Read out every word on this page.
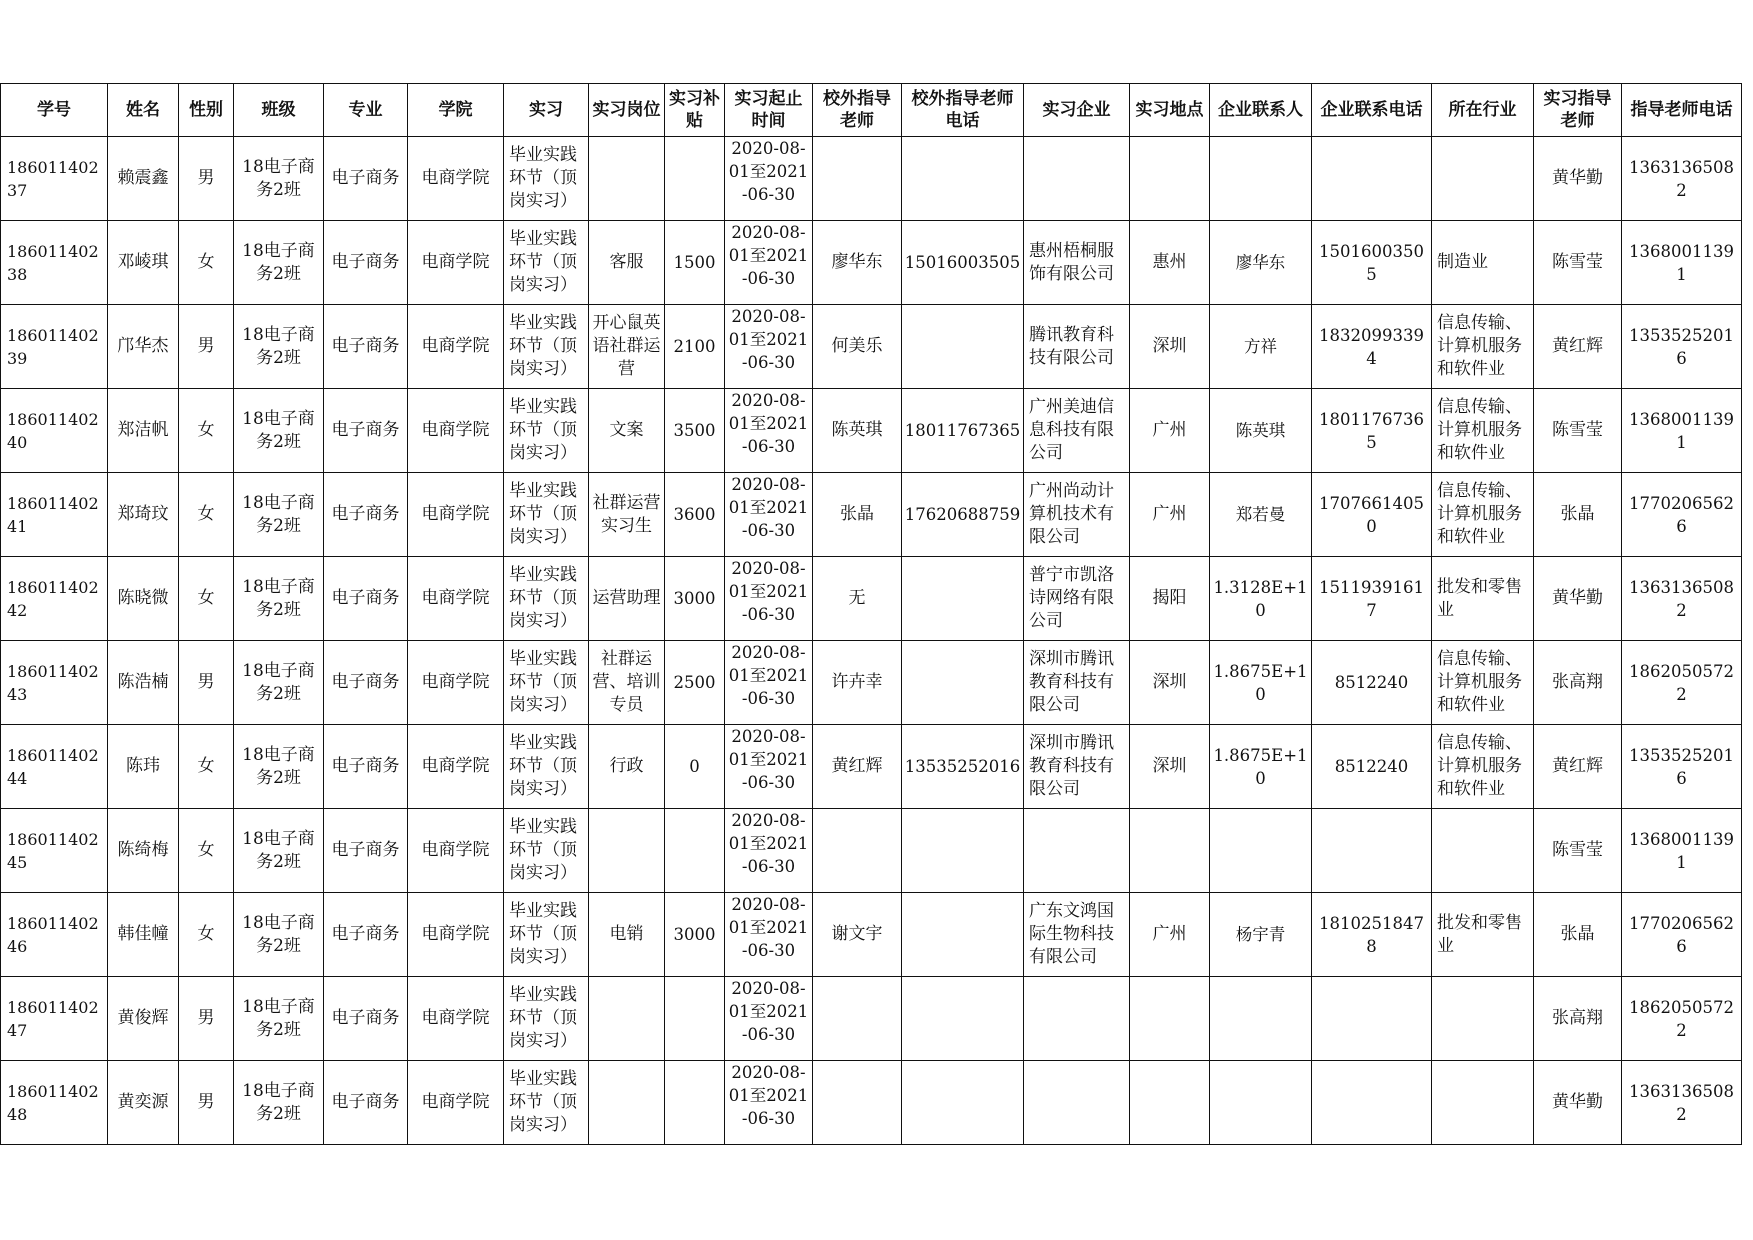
学号	姓名	性别	班级	专业	学院	实习	实习岗位	实习补贴	实习起止时间	校外指导老师	校外指导老师电话	实习企业	实习地点	企业联系人	企业联系电话	所在行业	实习指导老师	指导老师电话
18601140237	赖震鑫	男	18电子商务2班	电子商务	电商学院	毕业实践环节（顶岗实习）			2020-08-01至2021-06-30								黄华勤	13631365082
18601140238	邓崚琪	女	18电子商务2班	电子商务	电商学院	毕业实践环节（顶岗实习）	客服	1500	2020-08-01至2021-06-30	廖华东	15016003505	惠州梧桐服饰有限公司	惠州	廖华东	15016003505	制造业	陈雪莹	13680011391
18601140239	邝华杰	男	18电子商务2班	电子商务	电商学院	毕业实践环节（顶岗实习）	开心鼠英语社群运营	2100	2020-08-01至2021-06-30	何美乐		腾讯教育科技有限公司	深圳	方祥	18320993394	信息传输、计算机服务和软件业	黄红辉	13535252016
18601140240	郑洁帆	女	18电子商务2班	电子商务	电商学院	毕业实践环节（顶岗实习）	文案	3500	2020-08-01至2021-06-30	陈英琪	18011767365	广州美迪信息科技有限公司	广州	陈英琪	18011767365	信息传输、计算机服务和软件业	陈雪莹	13680011391
18601140241	郑琦玟	女	18电子商务2班	电子商务	电商学院	毕业实践环节（顶岗实习）	社群运营实习生	3600	2020-08-01至2021-06-30	张晶	17620688759	广州尚动计算机技术有限公司	广州	郑若曼	17076614050	信息传输、计算机服务和软件业	张晶	17702065626
18601140242	陈晓微	女	18电子商务2班	电子商务	电商学院	毕业实践环节（顶岗实习）	运营助理	3000	2020-08-01至2021-06-30	无		普宁市凯洛诗网络有限公司	揭阳	1.3128E+10	15119391617	批发和零售业	黄华勤	13631365082
18601140243	陈浩楠	男	18电子商务2班	电子商务	电商学院	毕业实践环节（顶岗实习）	社群运营、培训专员	2500	2020-08-01至2021-06-30	许卉幸		深圳市腾讯教育科技有限公司	深圳	1.8675E+10	8512240	信息传输、计算机服务和软件业	张高翔	18620505722
18601140244	陈玮	女	18电子商务2班	电子商务	电商学院	毕业实践环节（顶岗实习）	行政	0	2020-08-01至2021-06-30	黄红辉	13535252016	深圳市腾讯教育科技有限公司	深圳	1.8675E+10	8512240	信息传输、计算机服务和软件业	黄红辉	13535252016
18601140245	陈绮梅	女	18电子商务2班	电子商务	电商学院	毕业实践环节（顶岗实习）			2020-08-01至2021-06-30								陈雪莹	13680011391
18601140246	韩佳幢	女	18电子商务2班	电子商务	电商学院	毕业实践环节（顶岗实习）	电销	3000	2020-08-01至2021-06-30	谢文宇		广东文鸿国际生物科技有限公司	广州	杨宇青	18102518478	批发和零售业	张晶	17702065626
18601140247	黄俊辉	男	18电子商务2班	电子商务	电商学院	毕业实践环节（顶岗实习）			2020-08-01至2021-06-30								张高翔	18620505722
18601140248	黄奕源	男	18电子商务2班	电子商务	电商学院	毕业实践环节（顶岗实习）			2020-08-01至2021-06-30								黄华勤	13631365082
